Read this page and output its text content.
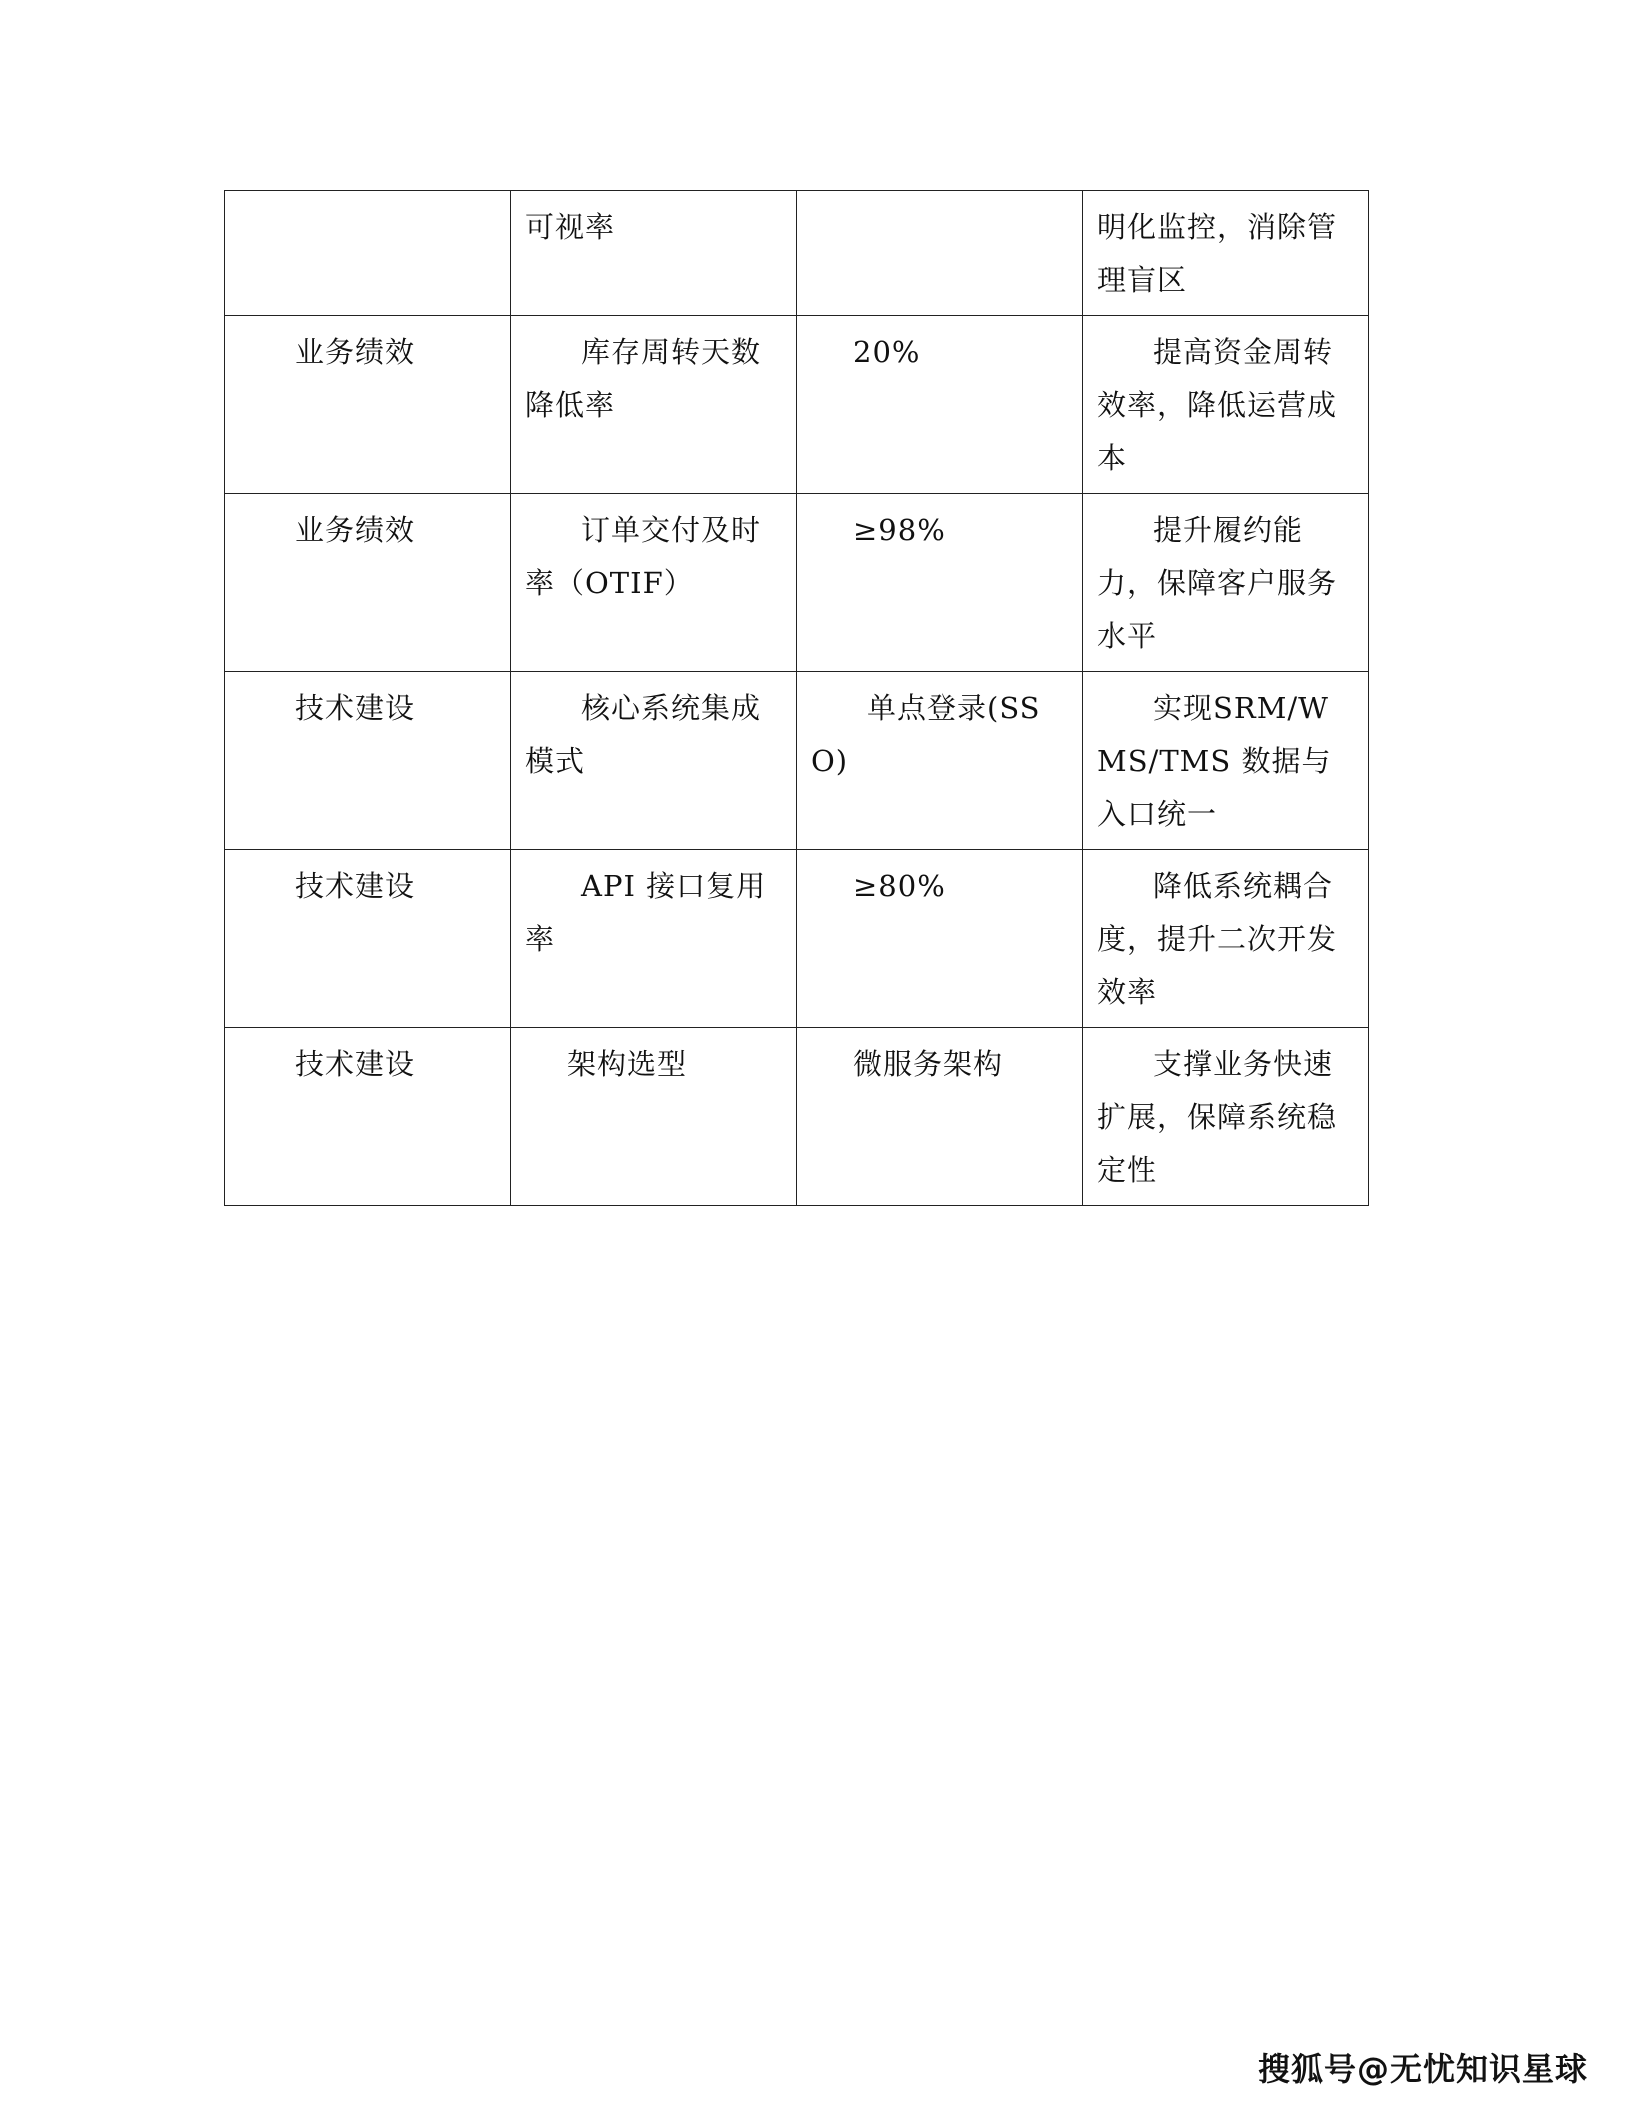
	可视率		明化监控，消除管理盲区
业务绩效	库存周转天数降低率	20%	提高资金周转效率，降低运营成本

业务绩效	订单交付及时率（OTIF）	≥98%	提升履约能力，保障客户服务水平

技术建设	核心系统集成模式	单点登录(SSO)	实现SRM/WMS/TMS 数据与入口统一

技术建设	API 接口复用率	≥80%	降低系统耦合度，提升二次开发效率

技术建设	架构选型	微服务架构	支撑业务快速扩展，保障系统稳定性
搜狐号@无忧知识星球
